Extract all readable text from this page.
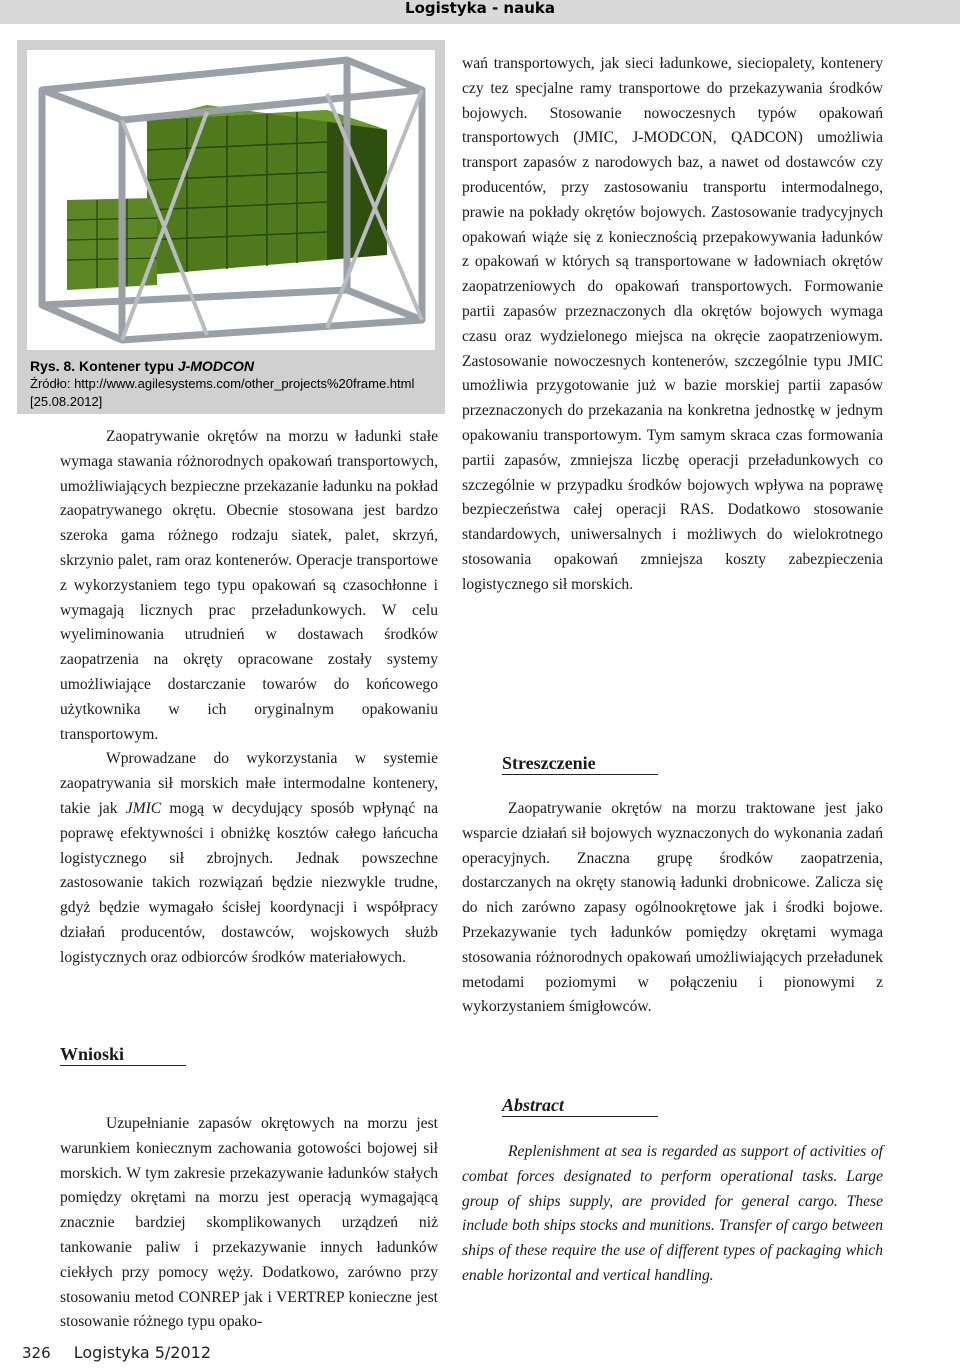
Logistyka - nauka
Rys. 8. Kontener typu J-MODCON
Źródło: http://www.agilesystems.com/other_projects%20frame.html
[25.08.2012]

Zaopatrywanie okrętów na morzu w ładunki stałe wymaga stawania różnorodnych opakowań transportowych, umożliwiających bezpieczne przekazanie ładunku na pokład zaopatrywanego okrętu. Obecnie stosowana jest bardzo szeroka gama różnego rodzaju siatek, palet, skrzyń, skrzynio palet, ram oraz kontenerów. Operacje transportowe z wykorzystaniem tego typu opakowań są czasochłonne i wymagają licznych prac przeładunkowych. W celu wyeliminowania utrudnień w dostawach środków zaopatrzenia na okręty opracowane zostały systemy umożliwiające dostarczanie towarów do końcowego użytkownika w ich oryginalnym opakowaniu transportowym.

Wprowadzane do wykorzystania w systemie zaopatrywania sił morskich małe intermodalne kontenery, takie jak JMIC mogą w decydujący sposób wpłynąć na poprawę efektywności i obniżkę kosztów całego łańcucha logistycznego sił zbrojnych. Jednak powszechne zastosowanie takich rozwiązań będzie niezwykle trudne, gdyż będzie wymagało ścisłej koordynacji i współpracy działań producentów, dostawców, wojskowych służb logistycznych oraz odbiorców środków materiałowych.

Wnioski

Uzupełnianie zapasów okrętowych na morzu jest warunkiem koniecznym zachowania gotowości bojowej sił morskich. W tym zakresie przekazywanie ładunków stałych pomiędzy okrętami na morzu jest operacją wymagającą znacznie bardziej skomplikowanych urządzeń niż tankowanie paliw i przekazywanie innych ładunków ciekłych przy pomocy węży. Dodatkowo, zarówno przy stosowaniu metod CONREP jak i VERTREP konieczne jest stosowanie różnego typu opako-

wań transportowych, jak sieci ładunkowe, sieciopalety, kontenery czy tez specjalne ramy transportowe do przekazywania środków bojowych. Stosowanie nowoczesnych typów opakowań transportowych (JMIC, J-MODCON, QADCON) umożliwia transport zapasów z narodowych baz, a nawet od dostawców czy producentów, przy zastosowaniu transportu intermodalnego, prawie na pokłady okrętów bojowych. Zastosowanie tradycyjnych opakowań wiąże się z koniecznością przepakowywania ładunków z opakowań w których są transportowane w ładowniach okrętów zaopatrzeniowych do opakowań transportowych. Formowanie partii zapasów przeznaczonych dla okrętów bojowych wymaga czasu oraz wydzielonego miejsca na okręcie zaopatrzeniowym. Zastosowanie nowoczesnych kontenerów, szczególnie typu JMIC umożliwia przygotowanie już w bazie morskiej partii zapasów przeznaczonych do przekazania na konkretna jednostkę w jednym opakowaniu transportowym. Tym samym skraca czas formowania partii zapasów, zmniejsza liczbę operacji przeładunkowych co szczególnie w przypadku środków bojowych wpływa na poprawę bezpieczeństwa całej operacji RAS. Dodatkowo stosowanie standardowych, uniwersalnych i możliwych do wielokrotnego stosowania opakowań zmniejsza koszty zabezpieczenia logistycznego sił morskich.

Streszczenie

Zaopatrywanie okrętów na morzu traktowane jest jako wsparcie działań sił bojowych wyznaczonych do wykonania zadań operacyjnych. Znaczna grupę środków zaopatrzenia, dostarczanych na okręty stanowią ładunki drobnicowe. Zalicza się do nich zarówno zapasy ogólnookrętowe jak i środki bojowe. Przekazywanie tych ładunków pomiędzy okrętami wymaga stosowania różnorodnych opakowań umożliwiających przeładunek metodami poziomymi w połączeniu i pionowymi z wykorzystaniem śmigłowców.

Abstract

Replenishment at sea is regarded as support of activities of combat forces designated to perform operational tasks. Large group of ships supply, are provided for general cargo. These include both ships stocks and munitions. Transfer of cargo between ships of these require the use of different types of packaging which enable horizontal and vertical handling.

326 Logistyka 5/2012
